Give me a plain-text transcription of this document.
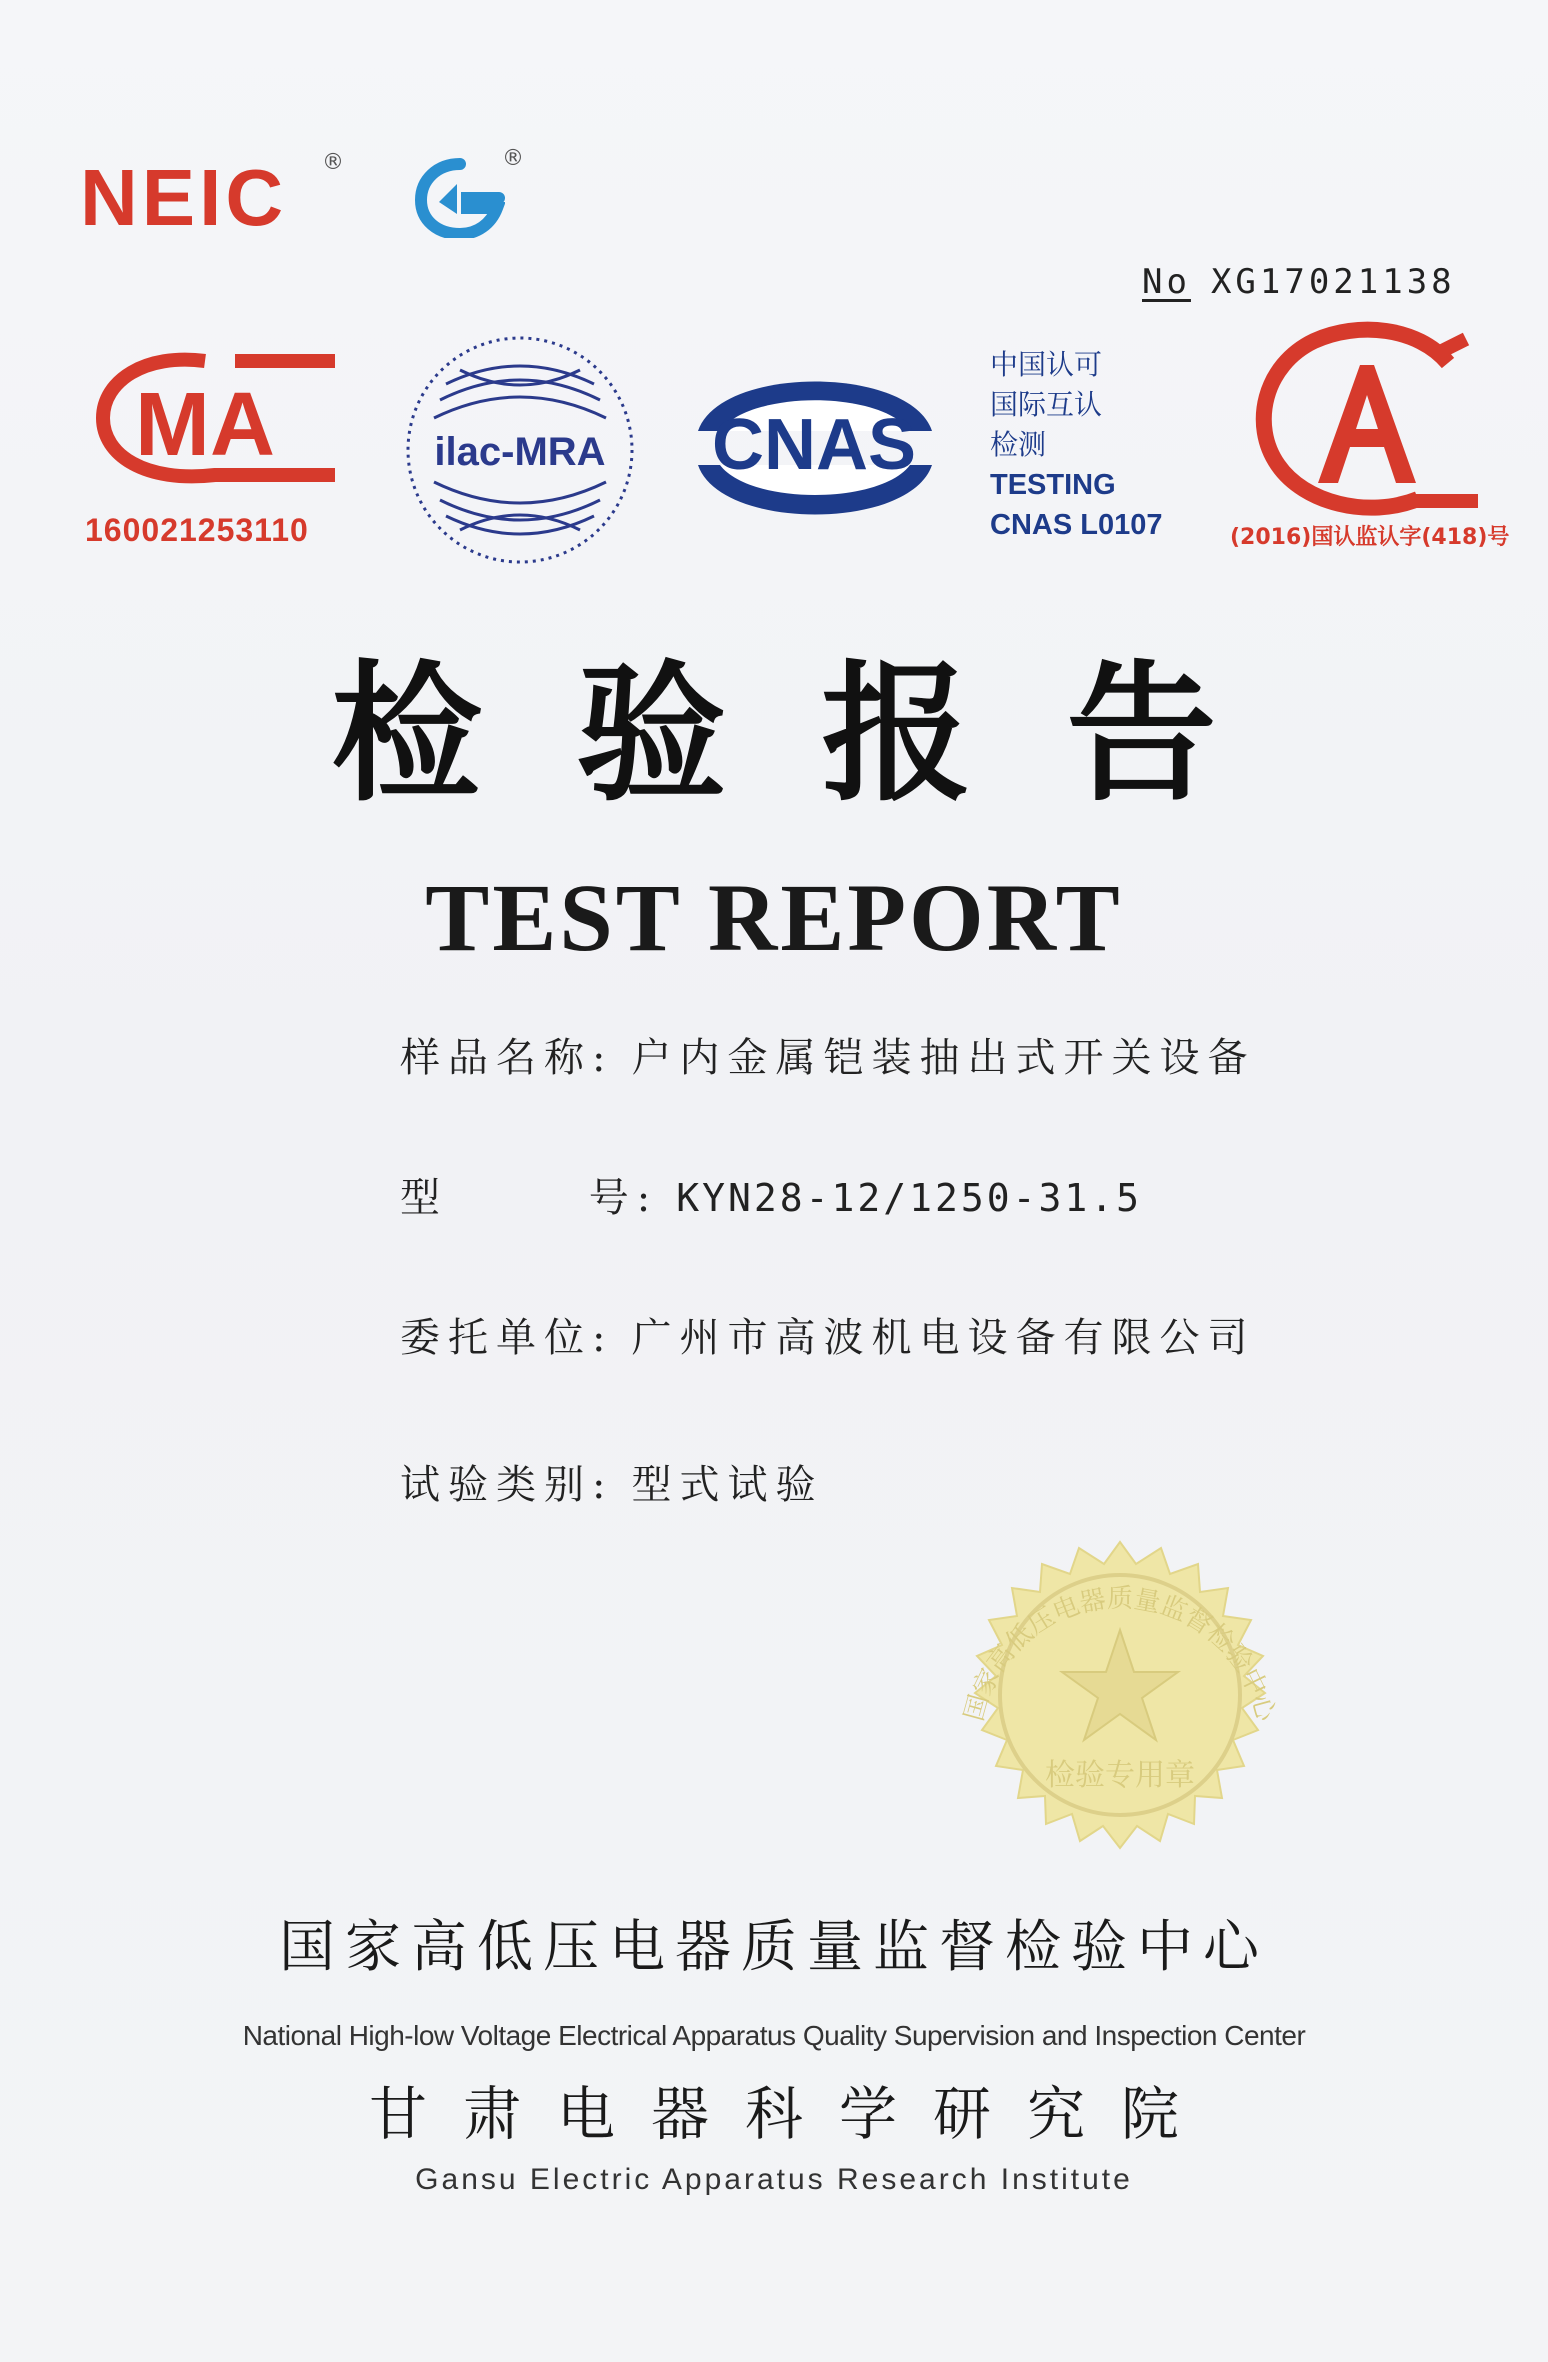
NEIC ®	®
No XG17021138
MA
160021253110
ilac-MRA CNAS
中国认可
国际互认
检测
TESTING
CNAS L0107	(2016)国认监认字(418)号
检验报告
TEST REPORT
样品名称: 户内金属铠装抽出式开关设备
型 号: KYN28-12/1250-31.5
委托单位: 广州市高波机电设备有限公司
试验类别: 型式试验
国家高低压电器质量监督检验中心
检验专用章
国家高低压电器质量监督检验中心
National High-low Voltage Electrical Apparatus Quality Supervision and Inspection Center
甘肃电器科学研究院
Gansu Electric Apparatus Research Institute
